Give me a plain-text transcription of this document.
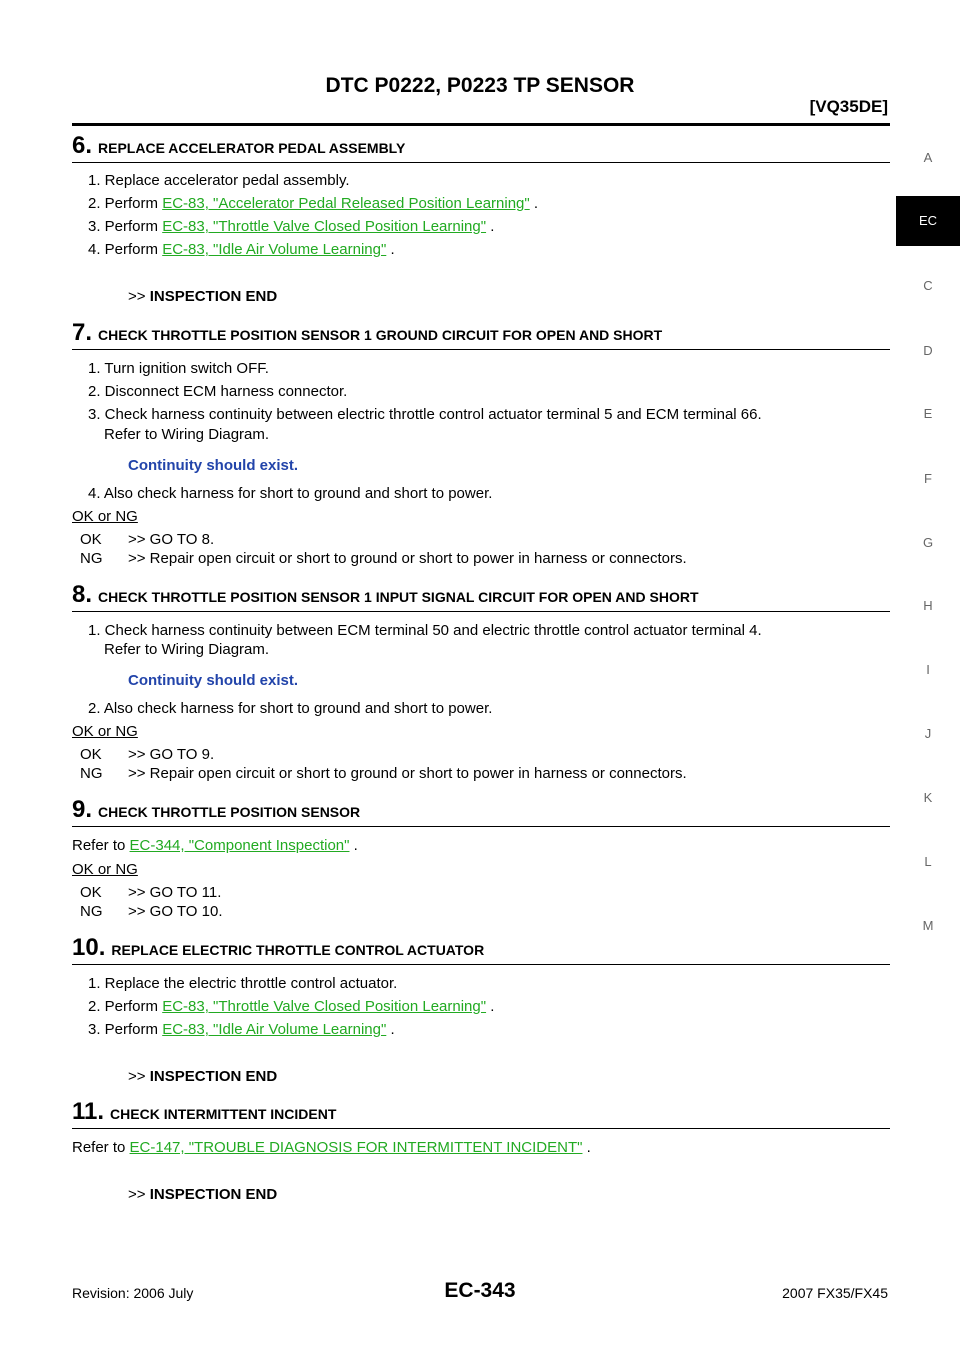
DTC P0222, P0223 TP SENSOR
[VQ35DE]
A
EC
C
D
E
F
G
H
I
J
K
L
M
6. REPLACE ACCELERATOR PEDAL ASSEMBLY
1. Replace accelerator pedal assembly.
2. Perform EC-83, "Accelerator Pedal Released Position Learning" .
3. Perform EC-83, "Throttle Valve Closed Position Learning" .
4. Perform EC-83, "Idle Air Volume Learning" .
>> INSPECTION END
7. CHECK THROTTLE POSITION SENSOR 1 GROUND CIRCUIT FOR OPEN AND SHORT
1. Turn ignition switch OFF.
2. Disconnect ECM harness connector.
3. Check harness continuity between electric throttle control actuator terminal 5 and ECM terminal 66.
Refer to Wiring Diagram.
Continuity should exist.
4. Also check harness for short to ground and short to power.
OK or NG
OK >> GO TO 8.
NG >> Repair open circuit or short to ground or short to power in harness or connectors.
8. CHECK THROTTLE POSITION SENSOR 1 INPUT SIGNAL CIRCUIT FOR OPEN AND SHORT
1. Check harness continuity between ECM terminal 50 and electric throttle control actuator terminal 4.
Refer to Wiring Diagram.
Continuity should exist.
2. Also check harness for short to ground and short to power.
OK or NG
OK >> GO TO 9.
NG >> Repair open circuit or short to ground or short to power in harness or connectors.
9. CHECK THROTTLE POSITION SENSOR
Refer to EC-344, "Component Inspection" .
OK or NG
OK >> GO TO 11.
NG >> GO TO 10.
10. REPLACE ELECTRIC THROTTLE CONTROL ACTUATOR
1. Replace the electric throttle control actuator.
2. Perform EC-83, "Throttle Valve Closed Position Learning" .
3. Perform EC-83, "Idle Air Volume Learning" .
>> INSPECTION END
11. CHECK INTERMITTENT INCIDENT
Refer to EC-147, "TROUBLE DIAGNOSIS FOR INTERMITTENT INCIDENT" .
>> INSPECTION END
Revision: 2006 July	EC-343	2007 FX35/FX45
